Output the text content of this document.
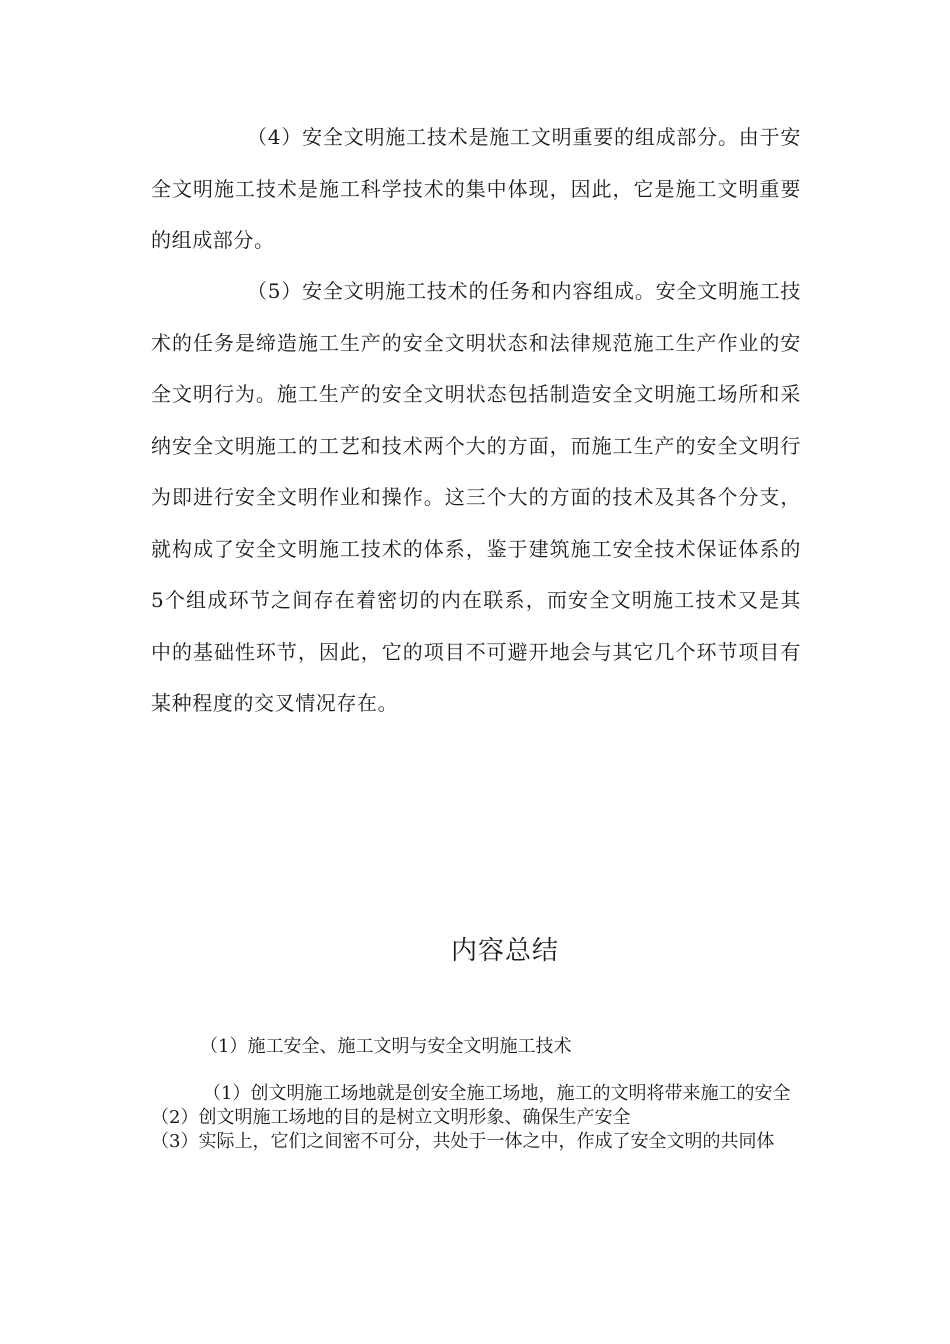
（4）安全文明施工技术是施工文明重要的组成部分。由于安全文明施工技术是施工科学技术的集中体现，因此，它是施工文明重要的组成部分。

（5）安全文明施工技术的任务和内容组成。安全文明施工技术的任务是缔造施工生产的安全文明状态和法律规范施工生产作业的安全文明行为。施工生产的安全文明状态包括制造安全文明施工场所和采纳安全文明施工的工艺和技术两个大的方面，而施工生产的安全文明行为即进行安全文明作业和操作。这三个大的方面的技术及其各个分支，就构成了安全文明施工技术的体系，鉴于建筑施工安全技术保证体系的5个组成环节之间存在着密切的内在联系，而安全文明施工技术又是其中的基础性环节，因此，它的项目不可避开地会与其它几个环节项目有某种程度的交叉情况存在。

内容总结

（1）施工安全、施工文明与安全文明施工技术

（1）创文明施工场地就是创安全施工场地，施工的文明将带来施工的安全
（2）创文明施工场地的目的是树立文明形象、确保生产安全
（3）实际上，它们之间密不可分，共处于一体之中，作成了安全文明的共同体
